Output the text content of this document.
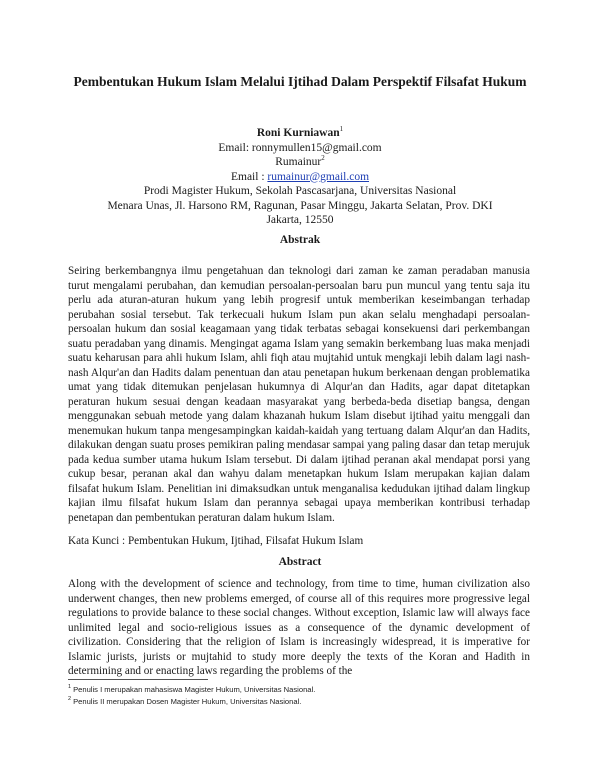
Pembentukan Hukum Islam Melalui Ijtihad Dalam Perspektif Filsafat Hukum
Roni Kurniawan$^1$
Email: ronnymullen15@gmail.com
Rumainur$^2$
Email : rumainur@gmail.com
Prodi Magister Hukum, Sekolah Pascasarjana, Universitas Nasional
Menara Unas, Jl. Harsono RM, Ragunan, Pasar Minggu, Jakarta Selatan, Prov. DKI
Jakarta, 12550
Abstrak
Seiring berkembangnya ilmu pengetahuan dan teknologi dari zaman ke zaman peradaban manusia turut mengalami perubahan, dan kemudian persoalan-persoalan baru pun muncul yang tentu saja itu perlu ada aturan-aturan hukum yang lebih progresif untuk memberikan keseimbangan terhadap perubahan sosial tersebut. Tak terkecuali hukum Islam pun akan selalu menghadapi persoalan-persoalan hukum dan sosial keagamaan yang tidak terbatas sebagai konsekuensi dari perkembangan suatu peradaban yang dinamis. Mengingat agama Islam yang semakin berkembang luas maka menjadi suatu keharusan para ahli hukum Islam, ahli fiqh atau mujtahid untuk mengkaji lebih dalam lagi nash-nash Alqur'an dan Hadits dalam penentuan dan atau penetapan hukum berkenaan dengan problematika umat yang tidak ditemukan penjelasan hukumnya di Alqur'an dan Hadits, agar dapat ditetapkan peraturan hukum sesuai dengan keadaan masyarakat yang berbeda-beda disetiap bangsa, dengan menggunakan sebuah metode yang dalam khazanah hukum Islam disebut ijtihad yaitu menggali dan menemukan hukum tanpa mengesampingkan kaidah-kaidah yang tertuang dalam Alqur'an dan Hadits, dilakukan dengan suatu proses pemikiran paling mendasar sampai yang paling dasar dan tetap merujuk pada kedua sumber utama hukum Islam tersebut. Di dalam ijtihad peranan akal mendapat porsi yang cukup besar, peranan akal dan wahyu dalam menetapkan hukum Islam merupakan kajian dalam filsafat hukum Islam. Penelitian ini dimaksudkan untuk menganalisa kedudukan ijtihad dalam lingkup kajian ilmu filsafat hukum Islam dan perannya sebagai upaya memberikan kontribusi terhadap penetapan dan pembentukan peraturan dalam hukum Islam.
Kata Kunci : Pembentukan Hukum, Ijtihad, Filsafat Hukum Islam
Abstract
Along with the development of science and technology, from time to time, human civilization also underwent changes, then new problems emerged, of course all of this requires more progressive legal regulations to provide balance to these social changes. Without exception, Islamic law will always face unlimited legal and socio-religious issues as a consequence of the dynamic development of civilization. Considering that the religion of Islam is increasingly widespread, it is imperative for Islamic jurists, jurists or mujtahid to study more deeply the texts of the Koran and Hadith in determining and or enacting laws regarding the problems of the
$^1$ Penulis I merupakan mahasiswa Magister Hukum, Universitas Nasional.
$^2$ Penulis II merupakan Dosen Magister Hukum, Universitas Nasional.
